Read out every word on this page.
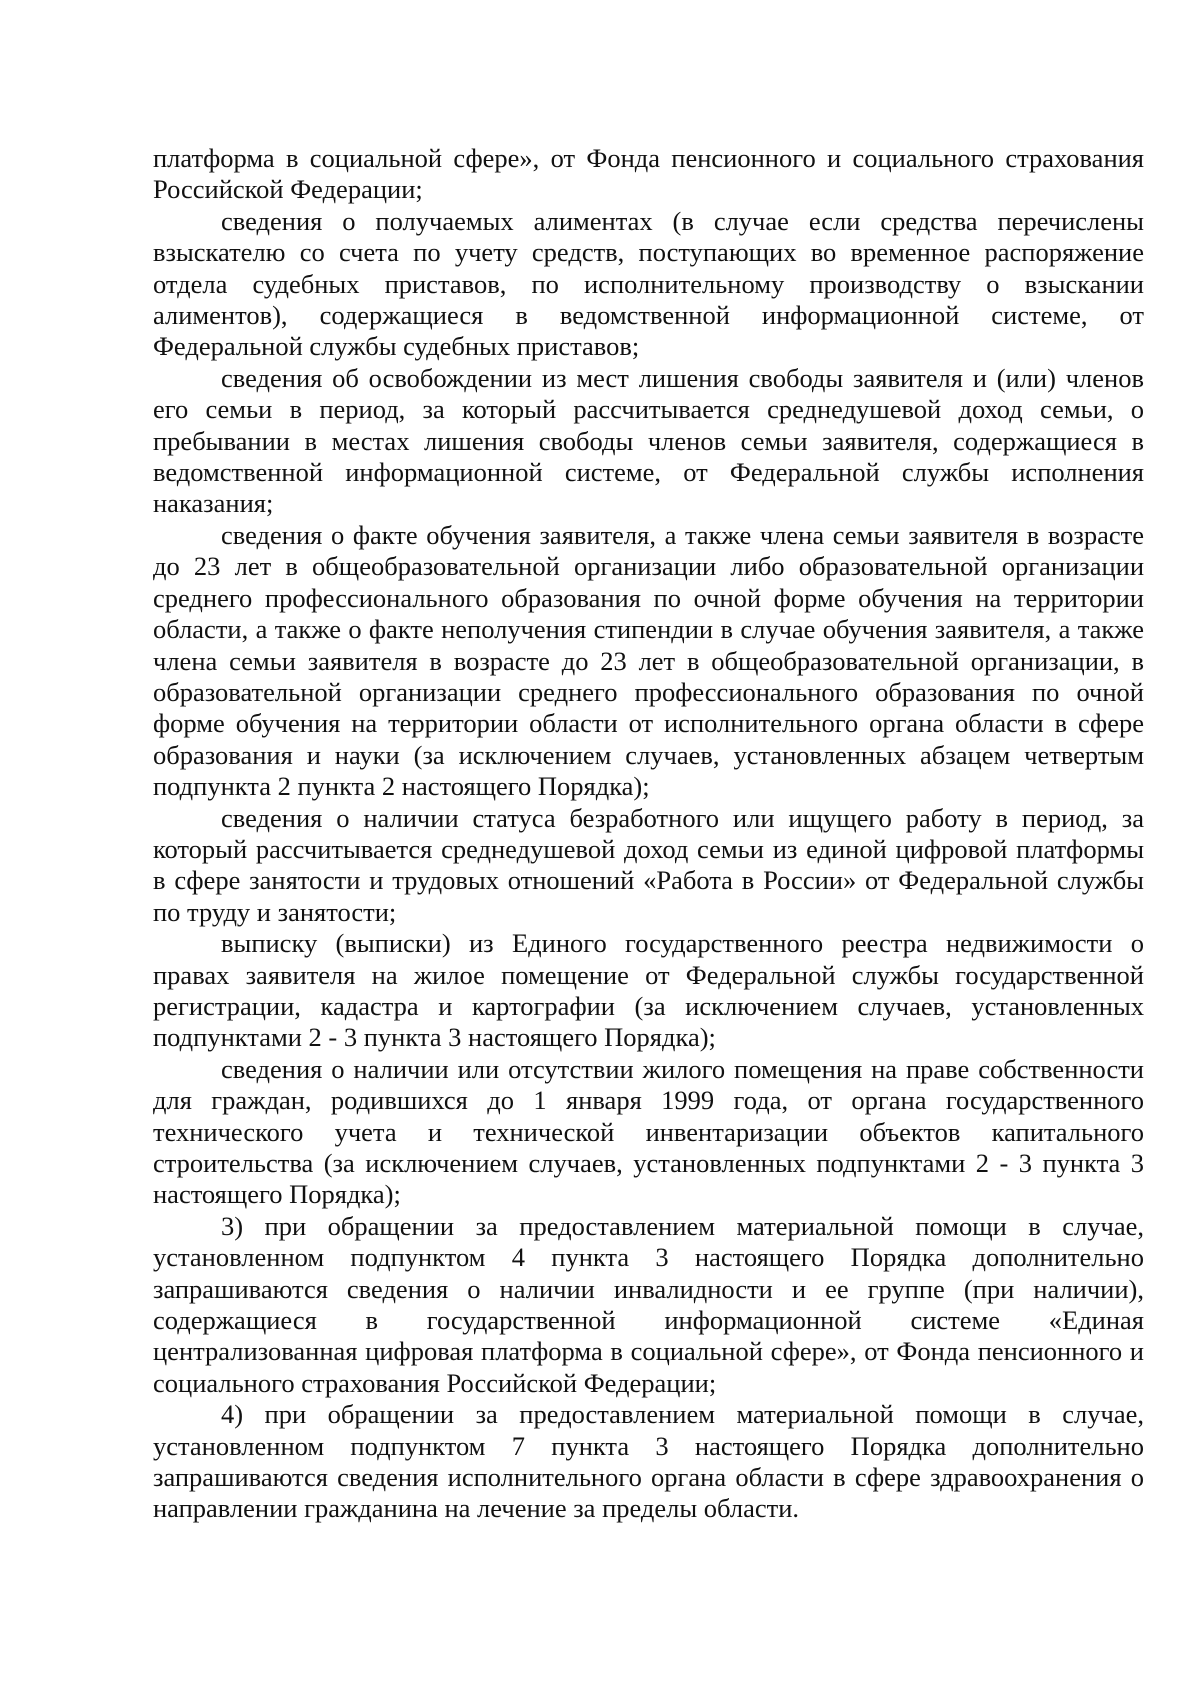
платформа в социальной сфере», от Фонда пенсионного и социального страхования Российской Федерации;

сведения о получаемых алиментах (в случае если средства перечислены взыскателю со счета по учету средств, поступающих во временное распоряжение отдела судебных приставов, по исполнительному производству о взыскании алиментов), содержащиеся в ведомственной информационной системе, от Федеральной службы судебных приставов;

сведения об освобождении из мест лишения свободы заявителя и (или) членов его семьи в период, за который рассчитывается среднедушевой доход семьи, о пребывании в местах лишения свободы членов семьи заявителя, содержащиеся в ведомственной информационной системе, от Федеральной службы исполнения наказания;

сведения о факте обучения заявителя, а также члена семьи заявителя в возрасте до 23 лет в общеобразовательной организации либо образовательной организации среднего профессионального образования по очной форме обучения на территории области, а также о факте неполучения стипендии в случае обучения заявителя, а также члена семьи заявителя в возрасте до 23 лет в общеобразовательной организации, в образовательной организации среднего профессионального образования по очной форме обучения на территории области от исполнительного органа области в сфере образования и науки (за исключением случаев, установленных абзацем четвертым подпункта 2 пункта 2 настоящего Порядка);

сведения о наличии статуса безработного или ищущего работу в период, за который рассчитывается среднедушевой доход семьи из единой цифровой платформы в сфере занятости и трудовых отношений «Работа в России» от Федеральной службы по труду и занятости;

выписку (выписки) из Единого государственного реестра недвижимости о правах заявителя на жилое помещение от Федеральной службы государственной регистрации, кадастра и картографии (за исключением случаев, установленных подпунктами 2 - 3 пункта 3 настоящего Порядка);

сведения о наличии или отсутствии жилого помещения на праве собственности для граждан, родившихся до 1 января 1999 года, от органа государственного технического учета и технической инвентаризации объектов капитального строительства (за исключением случаев, установленных подпунктами 2 - 3 пункта 3 настоящего Порядка);

3) при обращении за предоставлением материальной помощи в случае, установленном подпунктом 4 пункта 3 настоящего Порядка дополнительно запрашиваются сведения о наличии инвалидности и ее группе (при наличии), содержащиеся в государственной информационной системе «Единая централизованная цифровая платформа в социальной сфере», от Фонда пенсионного и социального страхования Российской Федерации;

4) при обращении за предоставлением материальной помощи в случае, установленном подпунктом 7 пункта 3 настоящего Порядка дополнительно запрашиваются сведения исполнительного органа области в сфере здравоохранения о направлении гражданина на лечение за пределы области.
